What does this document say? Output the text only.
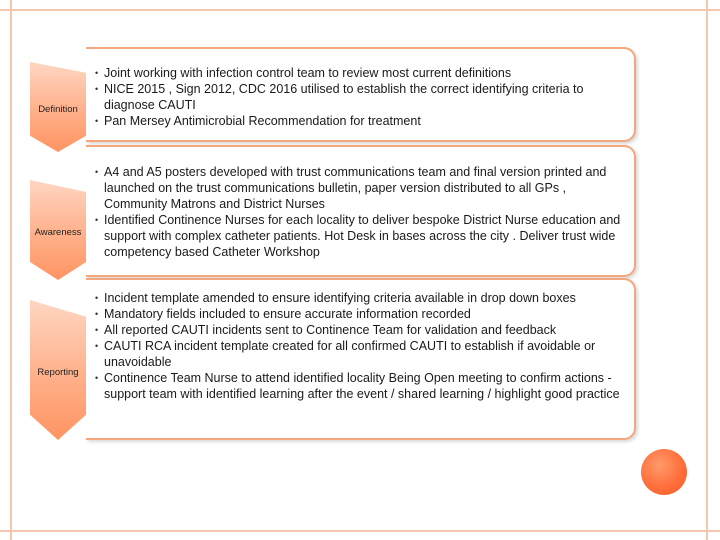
Definition
• Joint working with infection control team to review most current definitions
• NICE 2015 , Sign 2012, CDC 2016 utilised to establish the correct identifying criteria to diagnose CAUTI
• Pan Mersey Antimicrobial Recommendation for treatment
Awareness
• A4 and A5 posters developed with trust communications team and final version printed and launched on the trust communications bulletin, paper version distributed to all GPs , Community Matrons and District Nurses
• Identified Continence Nurses for each locality to deliver bespoke District Nurse education and support with complex catheter patients. Hot Desk in bases across the city . Deliver trust wide competency based Catheter Workshop
Reporting
• Incident template amended to ensure identifying criteria available in drop down boxes
• Mandatory fields included to ensure accurate information recorded
• All reported CAUTI incidents sent to Continence Team for validation and feedback
• CAUTI RCA incident template created for all confirmed CAUTI to establish if avoidable or unavoidable
• Continence Team Nurse to attend identified locality Being Open meeting to confirm actions - support team with identified learning after the event / shared learning / highlight good practice
